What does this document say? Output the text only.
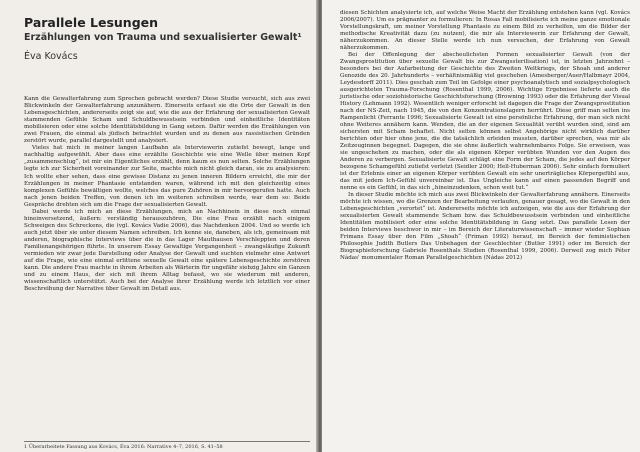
Parallele Lesungen
Erzählungen von Trauma und sexualisierter Gewalt¹
Éva Kovács

Kann die Gewalterfahrung zum Sprechen gebracht werden? Diese Studie versucht, sich aus zwei Blickwinkeln der Gewalterfahrung anzunähern. Einerseits erfasst sie die Orte der Gewalt in den Lebensgeschichten, andererseits zeigt sie auf, wie die aus der Erfahrung der sexualisierten Gewalt stammenden Gefühle Scham und Schuldbewusstsein verbinden und einheitliche Identitäten mobilisieren oder eine solche Identitätsbildung in Gang setzen. Dafür werden die Erzählungen von zwei Frauen, die einmal als jüdisch betrachtet wurden und zu denen aus rassistischen Gründen zerstört wurde, parallel dargestellt und analysiert.

Vieles hat mich in meiner langen Laufbahn als Interviewerin zutiefst bewegt, lange und nachhaltig aufgewühlt. Aber dass eine erzählte Geschichte wie eine Welle über meinen Kopf „zusammenschlug“, ist mir ein Eigentliches erzählt, denn kaum es nun selten. Solche Erzählungen legte ich zur Sicherheit voreinander zur Seite, machte mich nicht gleich daran, sie zu analysieren: Ich wollte eher sehen, dass eine gewisse Distanz zu jenen inneren Bildern erreicht, die mir der Erzählungen in meiner Phantasie entstanden waren, während ich mit den gleichzeitig eines komplexen Gefühls bewältigen wollte, welches das pure Zuhören in mir hervorgerufen hatte. Auch nach jenen beiden Treffen, von denen ich im weiteren schreiben werde, war dem so: Beide Gespräche drehten sich um die Frage der sexualisierten Gewalt.

Dabei werde ich mich an diese Erzählungen, mich an Nachhinein in diese noch einmal hineinversetzend, äußern: verständig herauszuhören, Die eine Frau erzählt nach einigem Schweigen des Schreckens, die (vgl. Kovács Vadie 2006), das Nachdenken 2004. Und so werde ich auch jetzt über sie unter diesem Namen schreiben. Ich kenne sie, daneben, als ich, gemeinsam mit anderen, biographische Interviews über die in das Lager Mauthausen Verschleppten und deren Familienangehörigen führte. In unserem Essay Gewaltige Vergangenheit – zwangsläufige Zukunft vermieden wir zwar jede Darstellung oder Analyse der Gewalt und suchten vielmehr eine Antwort auf die Frage, wie eine einmal erlittene sexuelle Gewalt eine spätere Lebensgeschichte zerstören kann. Die andere Frau machte in ihrem Arbeiten als Wärterin für ungefähr siebzig Jahre ein Ganzen und zu einem Haus, der sich mit ihrem Alltag befasst, wo sie wiederum mit anderen, wissenschaftlich unterstützt. Auch bei der Analyse ihrer Erzählung werde ich letztlich vor einer Beschreibung der Narrative über Gewalt im Detail aus.

1 Überarbeitete Fassung aus Kovács, Éva 2016: Narrative 4–7, 2016, S. 41–58

diesen Schichten analysierte ich, auf welche Weise Macht der Erzählung entstehen kann (vgl. Kovács 2006/2007). Um es prägnanter zu formulieren: In Rosas Fall mobilisierte ich meine ganze emotionale Vorstellungskraft, um meiner Vorstellung Phantasie zu einem Bild zu verhelfen, um die Bilder der methodische Kreativität dazu (zu nutzen), die mir als Interviewerin zur Erfahrung der Gewalt, näherzukommen. An dieser Stelle werde ich nun versuchen, der Erfahrung von Gewalt näherzukommen.

Bei der Offenlegung der abscheulichsten Formen sexualisierter Gewalt (von der Zwangsprostitution über sexuelle Gewalt bis zur Zwangssterilisation) ist, in letzten Jahrzehnt – besonders bei der Aufarbeitung der Geschichte des Zweiten Weltkriegs, der Shoah und anderer Genozide des 20. Jahrhunderts – verhältnismäßig viel geschehen (Amesberger/Auer/Halbmayr 2004, Leydesdorff 2011). Dies geschah zum Teil im Gefolge einer psychoanalytisch und sozialpsychologisch ausgerichteten Trauma-Forschung (Rosenthal 1999, 2006). Wichtige Ergebnisse lieferte auch die juristische oder soziohistorische Geschichtsforschung (Browning 1993) oder die Erfahrung der Visual History (Lehmann 1992). Wesentlich weniger erforscht ist dagegen die Frage der Zwangsprostitution nach der NS-Zeit, nach 1945, die von den Konzentrationslagern herrührt. Diese griff man selten ins Rampenlicht (Ferrante 1996; Sexualisierte Gewalt ist eine persönliche Erfahrung, der man sich nicht ohne Weiteres annähern kann. Wenden, die an der eigenen Sexualität verübt wurden sind, sind am sichersten mit Scham behaftet. Nicht selten können selbst Angehörige nicht wirklich darüber berichten oder hier ohne jene, die die tatsächlich erleiden mussten, darüber sprechen, was mir als Zeitzeuginnen begegnet. Dagegen, die sie ohne äußerlich wahrnehmbares Folge. Sie erweisen, was sie ungeschehen zu machen, oder die als eigenen Körper verübten Wunden vor den Augen des Anderen zu verbergen. Sexualisierte Gewalt schlägt eine Form der Scham, die jedes auf den Körper bezogene Schamgefühl zutiefst verletzt (Seidler 2000; Hell-Huberman 2006). Sehr einfach formuliert ist der Erlebnis einer an eigenen Körper verübten Gewalt ein sehr unerträgliches Körpergefühl aus, das mit jedem Ich-Gefühl unvereinbar ist. Das Ungleiche kann auf einen passenden Begriff und nenne es ein Gefühl, in das sich „hineinzudenken, schon weit tut.“

In dieser Studie möchte ich mich aus zwei Blickwinkeln der Gewalterfahrung annähern. Einerseits möchte ich wissen, wo die Grenzen der Bearbeitung verlaufen, genauer gesagt, wo die Gewalt in den Lebensgeschichten „verortet“ ist. Andererseits möchte ich aufzeigen, wie die aus der Erfahrung der sexualisierten Gewalt stammende Scham bzw. das Schuldbewusstsein verbinden und einheitliche Identitäten mobilisiert oder eine solche Identitätsbildung in Gang setzt. Das parallele Lesen der beiden Interviews beschwor in mir – im Bereich der Literaturwissenschaft – immer wieder Sophian Frimans Essay über den Film „Shoah“ (Friman 1992) herauf, im Bereich der feministischen Philosophie Judith Butlers Das Unbehagen der Geschlechter (Butler 1991) oder im Bereich der Biographieforschung Gabriele Rosenthals Studien (Rosenthal 1999, 2006). Derweil zog mich Péter Nádas' monumentaler Roman Parallelgeschichten (Nádas 2012)
